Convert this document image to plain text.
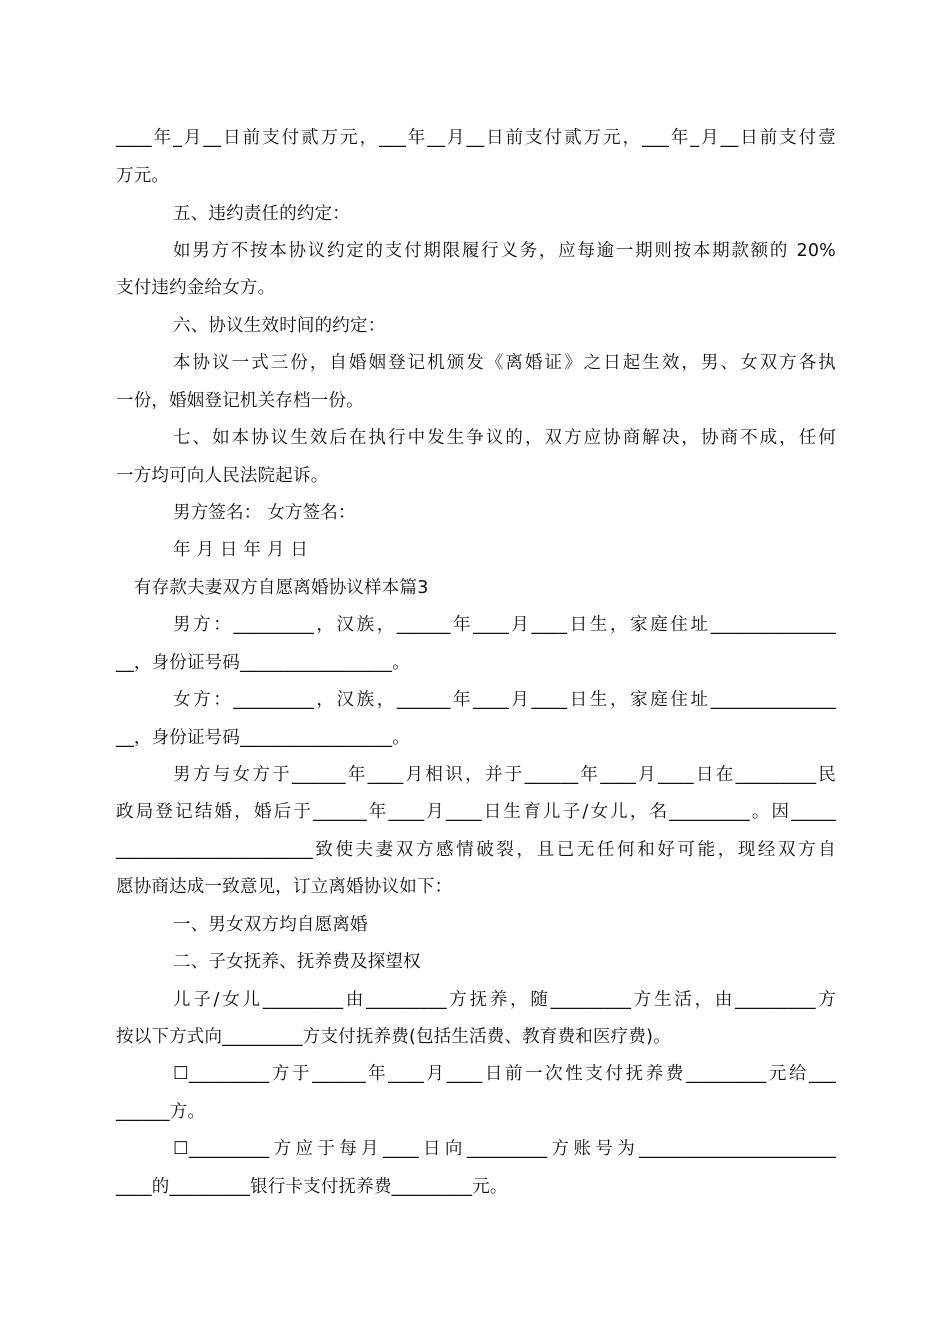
____年_月__日前支付贰万元，___年__月__日前支付贰万元，___年_月__日前支付壹
万元。
五、违约责任的约定：
如男方不按本协议约定的支付期限履行义务，应每逾一期则按本期款额的 20%
支付违约金给女方。
六、协议生效时间的约定：
本协议一式三份，自婚姻登记机颁发《离婚证》之日起生效，男、女双方各执
一份，婚姻登记机关存档一份。
七、如本协议生效后在执行中发生争议的，双方应协商解决，协商不成，任何
一方均可向人民法院起诉。
男方签名： 女方签名：
年 月 日 年 月 日
有存款夫妻双方自愿离婚协议样本篇3
男方：_________，汉族，______年____月____日生，家庭住址______________
__，身份证号码_________________。
女方：_________，汉族，______年____月____日生，家庭住址______________
__，身份证号码_________________。
男方与女方于______年____月相识，并于______年____月____日在_________民
政局登记结婚，婚后于______年____月____日生育儿子/女儿，名_________。因_____
______________________致使夫妻双方感情破裂，且已无任何和好可能，现经双方自
愿协商达成一致意见，订立离婚协议如下：
一、男女双方均自愿离婚
二、子女抚养、抚养费及探望权
儿子/女儿_________由_________方抚养，随_________方生活，由_________方
按以下方式向_________方支付抚养费(包括生活费、教育费和医疗费)。
☐_________方于______年____月____日前一次性支付抚养费_________元给___
______方。
☐_________方应于每月____日向_________方账号为______________________
____的_________银行卡支付抚养费_________元。
